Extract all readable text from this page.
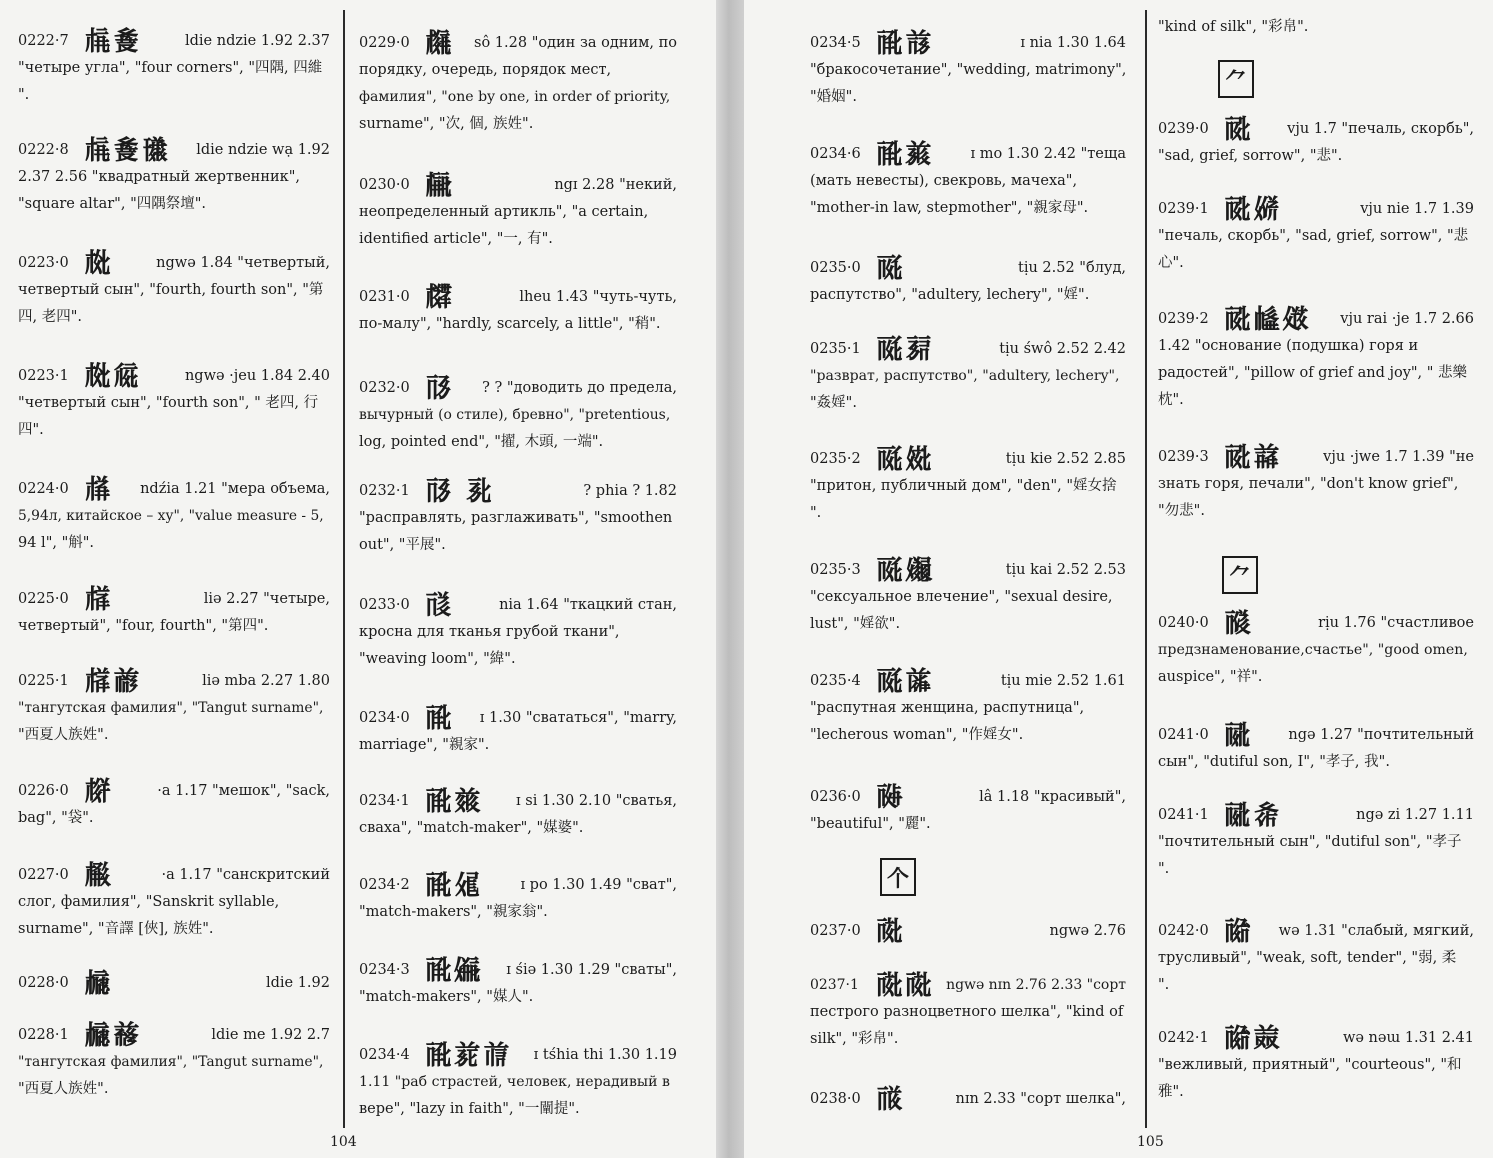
0222·7 𗍫𗐓	ldie ndzie 1.92 2.37
"четыре угла", "four corners", "四隅, 四維
".
0222·8 𗍫𗐓𗍢 ldie ndzie wạ 1.92
2.37 2.56 "квадратный жертвенник",
"square altar", "四隅祭壇".
0223·0 𗍬	ngwə 1.84 "четвертый,
четвертый сын", "fourth, fourth son", "第
四, 老四".
0223·1 𗍬𗏁	ngwə ·jeu 1.84 2.40
"четвертый сын", "fourth son", " 老四, 行
四".
0224·0 𗍭 ndźia 1.21 "мера объема,
5,94л, китайское – ху", "value measure - 5,
94 l", "斛".
0225·0 𗍮	liə 2.27 "четыре,
четвертый", "four, fourth", "第四".
0225·1 𗍮𗑗	liə mba 2.27 1.80
"тангутская фамилия", "Tangut surname",
"西夏人族姓".
0226·0 𗍯	·a 1.17 "мешок", "sack,
bag", "袋".
0227·0 𗍰	·a 1.17 "санскритский
слог, фамилия", "Sanskrit syllable,
surname", "音譯 [俠], 族姓".
0228·0 𗍱	ldie 1.92
0228·1 𗍱𗒘	ldie me 1.92 2.7
"тангутская фамилия", "Tangut surname",
"西夏人族姓".
0229·0 𗍲 sô 1.28 "один за одним, по
порядку, очередь, порядок мест,
фамилия", "one by one, in order of priority,
surname", "次, 個, 族姓".
0230·0 𗍳	ngɪ 2.28 "некий,
неопределенный артикль", "a certain,
identified article", "一, 有".
0231·0 𗍴	lheu 1.43 "чуть-чуть,
по-малу", "hardly, scarcely, a little", "稍".
0232·0 𗍵 ? ? "доводить до предела,
вычурный (о стиле), бревно", "pretentious,
log, pointed end", "擢, 木頭, 一端".
0232·1 𗍵 𗎘	? phia ? 1.82
"расправлять, разглаживать", "smoothen
out", "平展".
0233·0 𗍶	nia 1.64 "ткацкий стан,
кросна для тканья грубой ткани",
"weaving loom", "緯".
0234·0 𗍷 ɪ 1.30 "свататься", "marry,
marriage", "親家".
0234·1 𗍷𗒁 ɪ si 1.30 2.10 "сватья,
сваха", "match-maker", "媒婆".
0234·2 𗍷𗏗	ɪ po 1.30 1.49 "сват",
"match-makers", "親家翁".
0234·3 𗍷𗏼 ɪ śiə 1.30 1.29 "сваты",
"match-makers", "媒人".
0234·4 𗍷𗐱𗑈 ɪ tśhia thi 1.30 1.19
1.11 "раб страстей, человек, нерадивый в
вере", "lazy in faith", "一闡提".
104
0234·5 𗍷𗐭	ɪ nia 1.30 1.64
"бракосочетание", "wedding, matrimony",
"婚姻".
0234·6 𗍷𗑏	ɪ mo 1.30 2.42 "теща
(мать невесты), свекровь, мачеха",
"mother-in law, stepmother", "親家母".
0235·0 𗍸	tịu 2.52 "блуд,
распутство", "adultery, lechery", "婬".
0235·1 𗍸𗎛	tịu śwô 2.52 2.42
"разврат, распутство", "adultery, lechery",
"姦婬".
0235·2 𗍸𗏕	tịu kie 2.52 2.85
"притон, публичный дом", "den", "婬女捨
".
0235·3 𗍸𗐁	tịu kai 2.52 2.53
"сексуальное влечение", "sexual desire,
lust", "婬欲".
0235·4 𗍸𗑚	tịu mie 2.52 1.61
"распутная женщина, распутница",
"lecherous woman", "作婬女".
0236·0 𗍹	lâ 1.18 "красивый",
"beautiful", "麗".
0237·0 𗍺	ngwə 2.76
0237·1 𗍺𗍺 ngwə nɪn 2.76 2.33 "сорт
пестрого разноцветного шелка", "kind of
silk", "彩帛".
0238·0 𗍻	nɪn 2.33 "сорт шелка",
"kind of silk", "彩帛".
0239·0 𗍼 vju 1.7 "печаль, скорбь",
"sad, grief, sorrow", "悲".
0239·1 𗍼𗏓	vju nie 1.7 1.39
"печаль, скорбь", "sad, grief, sorrow", "悲
心".
0239·2 𗍼𗎺𗐉 vju rai ·je 1.7 2.66
1.42 "основание (подушка) горя и
радостей", "pillow of grief and joy", " 悲樂
枕".
0239·3 𗍼𗑯	vju ·jwe 1.7 1.39 "не
знать горя, печали", "don't know grief",
"勿悲".
0240·0 𗍽	rịu 1.76 "счастливое
предзнаменование,счастье", "good omen,
auspice", "祥".
0241·0 𗍾 ngə 1.27 "почтительный
сын", "dutiful son, I", "孝子, 我".
0241·1 𗍾𗐋	ngə zi 1.27 1.11
"почтительный сын", "dutiful son", "孝子
".
0242·0 𗍿 wə 1.31 "слабый, мягкий,
трусливый", "weak, soft, tender", "弱, 柔
".
0242·1 𗍿𗑔	wə nəɯ 1.31 2.41
"вежливый, приятный", "courteous", "和
雅".
⺈
⺈
个
105
